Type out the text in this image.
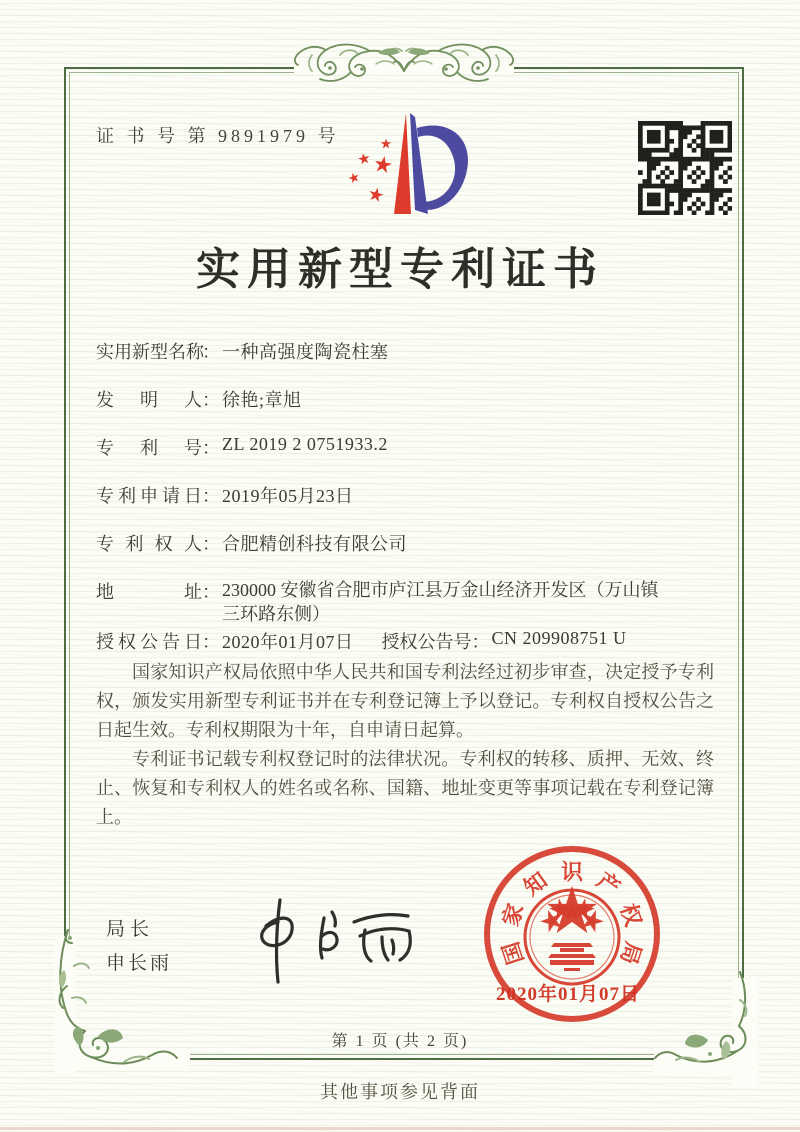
证 书 号 第 9891979 号
实用新型专利证书
实用新型名称： 一种高强度陶瓷柱塞
发明人： 徐艳;章旭
专利号： ZL 2019 2 0751933.2
专利申请日： 2019年05月23日
专利权人： 合肥精创科技有限公司
地址： 230000 安徽省合肥市庐江县万金山经济开发区（万山镇
三环路东侧）
授权公告日： 2020年01月07日 授权公告号： CN 209908751 U

国家知识产权局依照中华人民共和国专利法经过初步审查，决定授予专利权，颁发实用新型专利证书并在专利登记簿上予以登记。专利权自授权公告之日起生效。专利权期限为十年，自申请日起算。

专利证书记载专利权登记时的法律状况。专利权的转移、质押、无效、终止、恢复和专利权人的姓名或名称、国籍、地址变更等事项记载在专利登记簿上。

局长
申长雨	国
家
知 识 产
权
局
2020年01月07日
第 1 页 (共 2 页)
其他事项参见背面
